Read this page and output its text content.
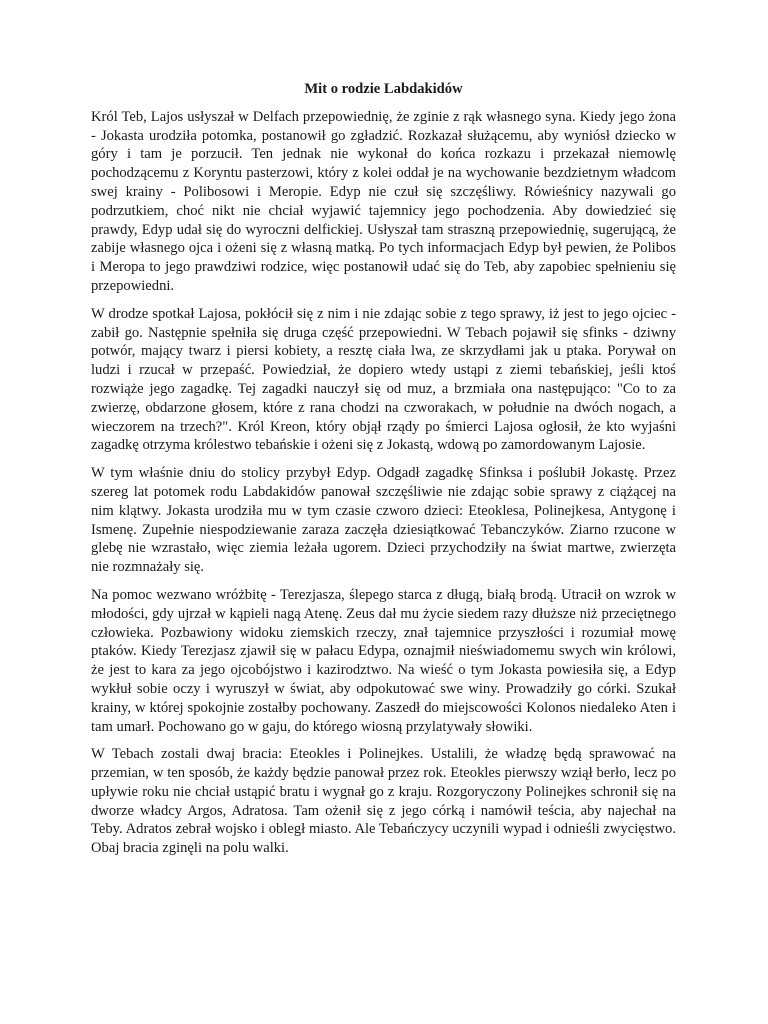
Mit o rodzie Labdakidów

Król Teb, Lajos usłyszał w Delfach przepowiednię, że zginie z rąk własnego syna. Kiedy jego żona - Jokasta urodziła potomka, postanowił go zgładzić. Rozkazał służącemu, aby wyniósł dziecko w góry i tam je porzucił. Ten jednak nie wykonał do końca rozkazu i przekazał niemowlę pochodzącemu z Koryntu pasterzowi, który z kolei oddał je na wychowanie bezdzietnym władcom swej krainy - Polibosowi i Meropie. Edyp nie czuł się szczęśliwy. Rówieśnicy nazywali go podrzutkiem, choć nikt nie chciał wyjawić tajemnicy jego pochodzenia. Aby dowiedzieć się prawdy, Edyp udał się do wyroczni delfickiej. Usłyszał tam straszną przepowiednię, sugerującą, że zabije własnego ojca i ożeni się z własną matką. Po tych informacjach Edyp był pewien, że Polibos i Meropa to jego prawdziwi rodzice, więc postanowił udać się do Teb, aby zapobiec spełnieniu się przepowiedni.

W drodze spotkał Lajosa, pokłócił się z nim i nie zdając sobie z tego sprawy, iż jest to jego ojciec - zabił go. Następnie spełniła się druga część przepowiedni. W Tebach pojawił się sfinks - dziwny potwór, mający twarz i piersi kobiety, a resztę ciała lwa, ze skrzydłami jak u ptaka. Porywał on ludzi i rzucał w przepaść. Powiedział, że dopiero wtedy ustąpi z ziemi tebańskiej, jeśli ktoś rozwiąże jego zagadkę. Tej zagadki nauczył się od muz, a brzmiała ona następująco: "Co to za zwierzę, obdarzone głosem, które z rana chodzi na czworakach, w południe na dwóch nogach, a wieczorem na trzech?". Król Kreon, który objął rządy po śmierci Lajosa ogłosił, że kto wyjaśni zagadkę otrzyma królestwo tebańskie i ożeni się z Jokastą, wdową po zamordowanym Lajosie.

W tym właśnie dniu do stolicy przybył Edyp. Odgadł zagadkę Sfinksa i poślubił Jokastę. Przez szereg lat potomek rodu Labdakidów panował szczęśliwie nie zdając sobie sprawy z ciążącej na nim klątwy. Jokasta urodziła mu w tym czasie czworo dzieci: Eteoklesa, Polinejkesa, Antygonę i Ismenę. Zupełnie niespodziewanie zaraza zaczęła dziesiątkować Tebanczyków. Ziarno rzucone w glebę nie wzrastało, więc ziemia leżała ugorem. Dzieci przychodziły na świat martwe, zwierzęta nie rozmnażały się.

Na pomoc wezwano wróżbitę - Terezjasza, ślepego starca z długą, białą brodą. Utracił on wzrok w młodości, gdy ujrzał w kąpieli nagą Atenę. Zeus dał mu życie siedem razy dłuższe niż przeciętnego człowieka. Pozbawiony widoku ziemskich rzeczy, znał tajemnice przyszłości i rozumiał mowę ptaków. Kiedy Terezjasz zjawił się w pałacu Edypa, oznajmił nieświadomemu swych win królowi, że jest to kara za jego ojcobójstwo i kazirodztwo. Na wieść o tym Jokasta powiesiła się, a Edyp wykłuł sobie oczy i wyruszył w świat, aby odpokutować swe winy. Prowadziły go córki. Szukał krainy, w której spokojnie zostałby pochowany. Zaszedł do miejscowości Kolonos niedaleko Aten i tam umarł. Pochowano go w gaju, do którego wiosną przylatywały słowiki.

W Tebach zostali dwaj bracia: Eteokles i Polinejkes. Ustalili, że władzę będą sprawować na przemian, w ten sposób, że każdy będzie panował przez rok. Eteokles pierwszy wziął berło, lecz po upływie roku nie chciał ustąpić bratu i wygnał go z kraju. Rozgoryczony Polinejkes schronił się na dworze władcy Argos, Adratosa. Tam ożenił się z jego córką i namówił teścia, aby najechał na Teby. Adratos zebrał wojsko i obległ miasto. Ale Tebańczycy uczynili wypad i odnieśli zwycięstwo. Obaj bracia zginęli na polu walki.
